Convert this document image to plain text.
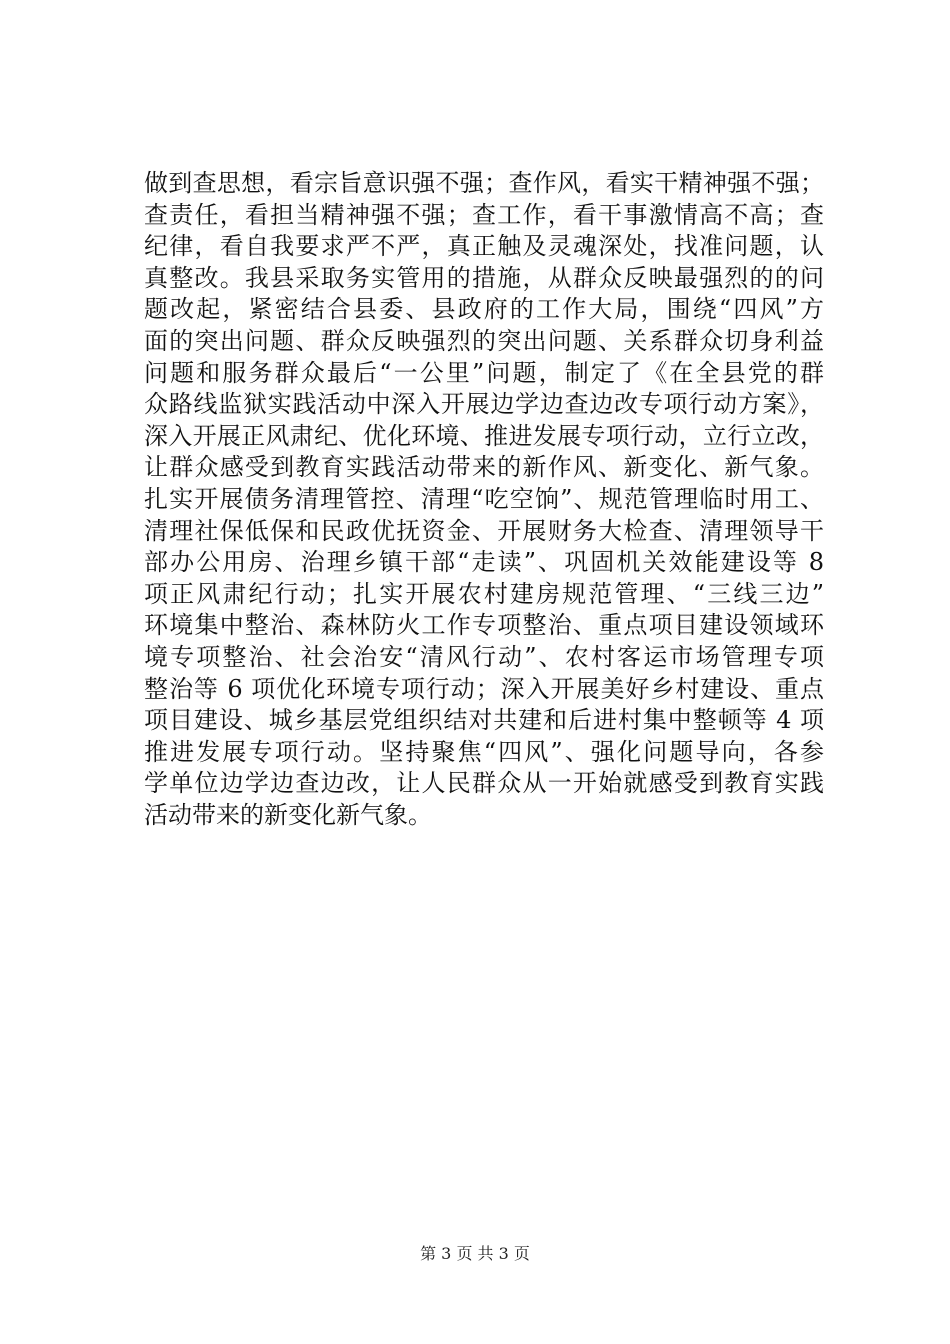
做到查思想，看宗旨意识强不强；查作风，看实干精神强不强；
查责任，看担当精神强不强；查工作，看干事激情高不高；查
纪律，看自我要求严不严，真正触及灵魂深处，找准问题，认
真整改。我县采取务实管用的措施，从群众反映最强烈的的问
题改起，紧密结合县委、县政府的工作大局，围绕“四风”方
面的突出问题、群众反映强烈的突出问题、关系群众切身利益
问题和服务群众最后“一公里”问题，制定了《在全县党的群
众路线监狱实践活动中深入开展边学边查边改专项行动方案》，
深入开展正风肃纪、优化环境、推进发展专项行动，立行立改，
让群众感受到教育实践活动带来的新作风、新变化、新气象。
扎实开展债务清理管控、清理“吃空饷”、规范管理临时用工、
清理社保低保和民政优抚资金、开展财务大检查、清理领导干
部办公用房、治理乡镇干部“走读”、巩固机关效能建设等 8
项正风肃纪行动；扎实开展农村建房规范管理、“三线三边”
环境集中整治、森林防火工作专项整治、重点项目建设领域环
境专项整治、社会治安“清风行动”、农村客运市场管理专项
整治等 6 项优化环境专项行动；深入开展美好乡村建设、重点
项目建设、城乡基层党组织结对共建和后进村集中整顿等 4 项
推进发展专项行动。坚持聚焦“四风”、强化问题导向，各参
学单位边学边查边改，让人民群众从一开始就感受到教育实践
活动带来的新变化新气象。
第 3 页 共 3 页
